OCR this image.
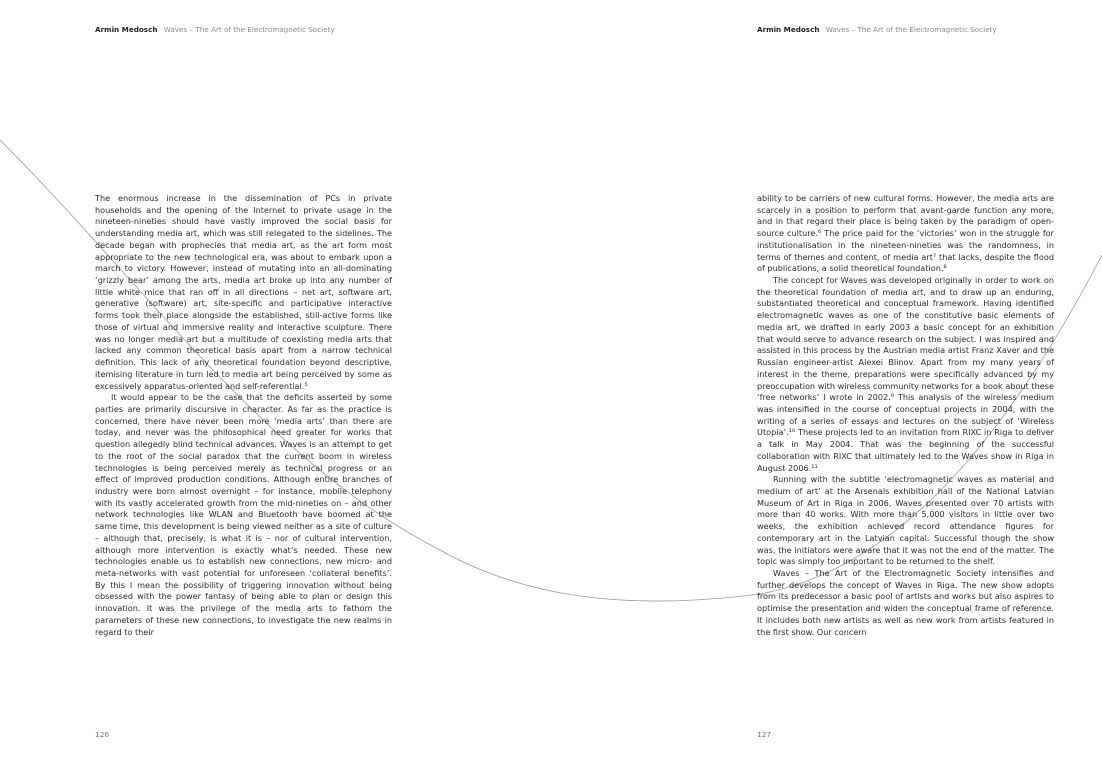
Armin Medosch Waves – The Art of the Electromagnetic Society	Armin Medosch Waves – The Art of the Electromagnetic Society

The enormous increase in the dissemination of PCs in private households and the opening of the Internet to private usage in the nineteen-nineties should have vastly improved the social basis for understanding media art, which was still relegated to the sidelines. The decade began with prophecies that media art, as the art form most appropriate to the new technological era, was about to embark upon a march to victory. However, instead of mutating into an all-dominating ‘grizzly bear’ among the arts, media art broke up into any number of little white mice that ran off in all directions – net art, software art, generative (software) art, site-specific and participative interactive forms took their place alongside the established, still-active forms like those of virtual and immersive reality and interactive sculpture. There was no longer media art but a multitude of coexisting media arts that lacked any common theoretical basis apart from a narrow technical definition. This lack of any theoretical foundation beyond descriptive, itemising literature in turn led to media art being perceived by some as excessively apparatus-oriented and self-referential.⁵

It would appear to be the case that the deficits asserted by some parties are primarily discursive in character. As far as the practice is concerned, there have never been more ‘media arts’ than there are today, and never was the philosophical need greater for works that question allegedly blind technical advances. Waves is an attempt to get to the root of the social paradox that the current boom in wireless technologies is being perceived merely as technical progress or an effect of improved production conditions. Although entire branches of industry were born almost overnight – for instance, mobile telephony with its vastly accelerated growth from the mid-nineties on – and other network technologies like WLAN and Bluetooth have boomed at the same time, this development is being viewed neither as a site of culture – although that, precisely, is what it is – nor of cultural intervention, although more intervention is exactly what’s needed. These new technologies enable us to establish new connections, new micro- and meta-networks with vast potential for unforeseen ‘collateral benefits’. By this I mean the possibility of triggering innovation without being obsessed with the power fantasy of being able to plan or design this innovation. It was the privilege of the media arts to fathom the parameters of these new connections, to investigate the new realms in regard to their

ability to be carriers of new cultural forms. However, the media arts are scarcely in a position to perform that avant-garde function any more, and in that regard their place is being taken by the paradigm of open-source culture.⁶ The price paid for the ‘victories’ won in the struggle for institutionalisation in the nineteen-nineties was the randomness, in terms of themes and content, of media art⁷ that lacks, despite the flood of publications, a solid theoretical foundation.⁸

The concept for Waves was developed originally in order to work on the theoretical foundation of media art, and to draw up an enduring, substantiated theoretical and conceptual framework. Having identified electromagnetic waves as one of the constitutive basic elements of media art, we drafted in early 2003 a basic concept for an exhibition that would serve to advance research on the subject. I was inspired and assisted in this process by the Austrian media artist Franz Xaver and the Russian engineer-artist Alexei Blinov. Apart from my many years of interest in the theme, preparations were specifically advanced by my preoccupation with wireless community networks for a book about these ‘free networks’ I wrote in 2002.⁹ This analysis of the wireless medium was intensified in the course of conceptual projects in 2004, with the writing of a series of essays and lectures on the subject of ‘Wireless Utopia’.¹⁰ These projects led to an invitation from RIXC in Riga to deliver a talk in May 2004. That was the beginning of the successful collaboration with RIXC that ultimately led to the Waves show in Riga in August 2006.¹¹

Running with the subtitle ‘electromagnetic waves as material and medium of art’ at the Arsenals exhibition hall of the National Latvian Museum of Art in Riga in 2006, Waves presented over 70 artists with more than 40 works. With more than 5,000 visitors in little over two weeks, the exhibition achieved record attendance figures for contemporary art in the Latvian capital. Successful though the show was, the initiators were aware that it was not the end of the matter. The topic was simply too important to be returned to the shelf.

Waves – The Art of the Electromagnetic Society intensifies and further develops the concept of Waves in Riga. The new show adopts from its predecessor a basic pool of artists and works but also aspires to optimise the presentation and widen the conceptual frame of reference. It includes both new artists as well as new work from artists featured in the first show. Our concern

126	127
